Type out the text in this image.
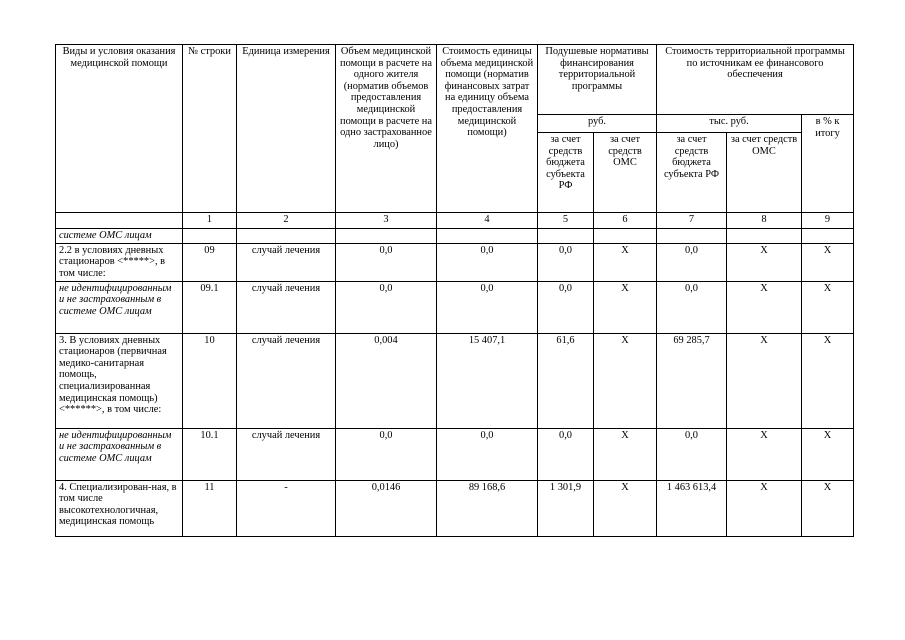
Виды и условия оказания медицинской помощи	№ строки	Единица измерения	Объем медицинской помощи в расчете на одного жителя (норматив объемов предоставления медицинской помощи в расчете на одно застрахованное лицо)	Стоимость единицы объема медицинской помощи (норматив финансовых затрат на единицу объема предоставления медицинской помощи)	Подушевые нормативы финансирования территориальной программы		Стоимость территориальной программы по источникам ее финансового обеспечения		
					руб.		тыс. руб.		в % к итогу
					за счет средств бюджета субъекта РФ	за счет средств ОМС	за счет средств бюджета субъекта РФ	за счет средств ОМС	
	1	2	3	4	5	6	7	8	9
системе ОМС лицам									
2.2 в условиях дневных стационаров <*****>, в том числе:	09	случай лечения	0,0	0,0	0,0	Х	0,0	Х	Х
не идентифицированным и не застрахованным в системе ОМС лицам	09.1	случай лечения	0,0	0,0	0,0	Х	0,0	Х	Х
3. В условиях дневных стационаров (первичная медико-санитарная помощь, специализированная медицинская помощь) <******>, в том числе:	10	случай лечения	0,004	15 407,1	61,6	Х	69 285,7	Х	Х
не идентифицированным и не застрахованным в системе ОМС лицам	10.1	случай лечения	0,0	0,0	0,0	Х	0,0	Х	Х
4. Специализирован-ная, в том числе высокотехнологичная, медицинская помощь	11	-	0,0146	89 168,6	1 301,9	Х	1 463 613,4	Х	Х
